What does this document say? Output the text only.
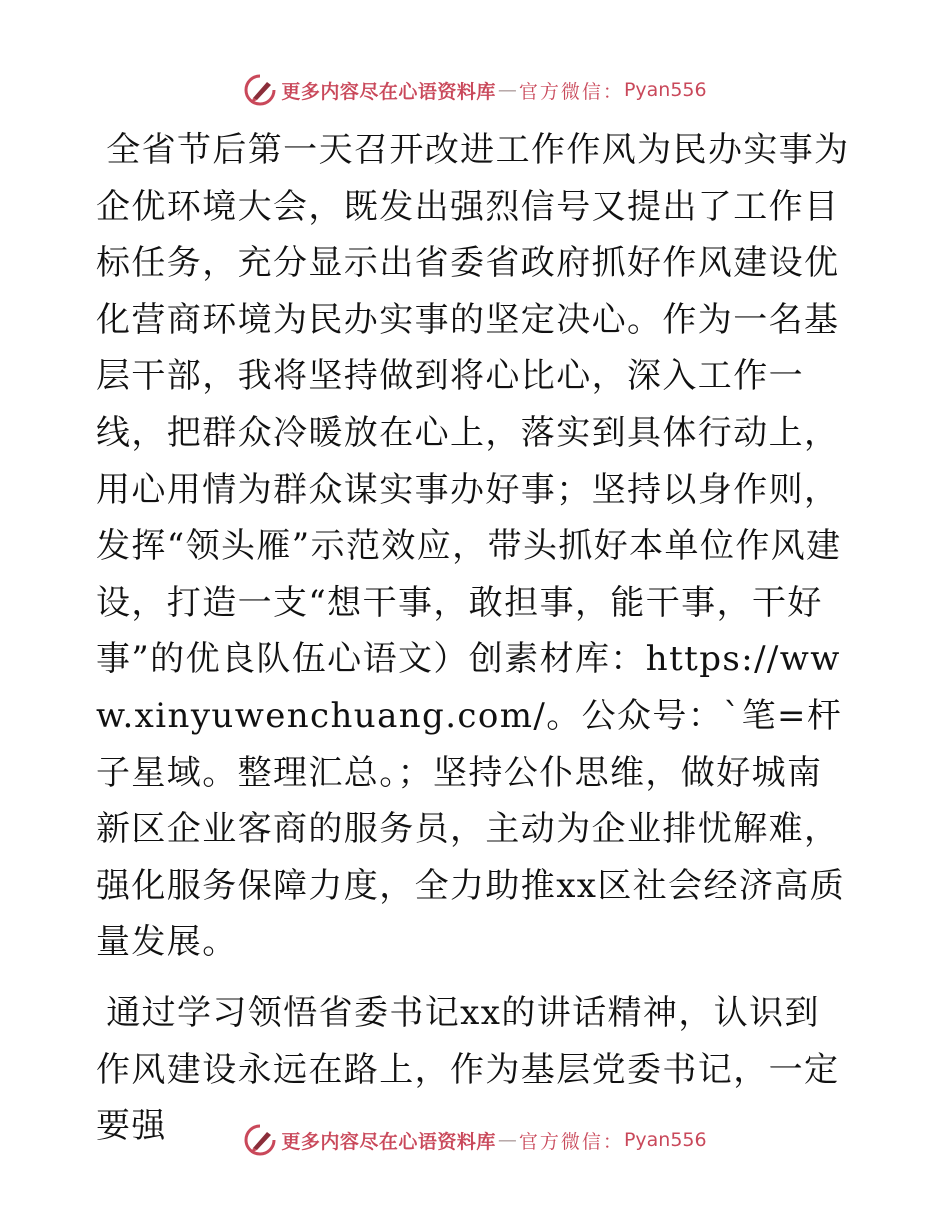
更多内容尽在心语资料库 — 官方微信： Pyan556

全省节后第一天召开改进工作作风为民办实事为企优环境大会，既发出强烈信号又提出了工作目标任务，充分显示出省委省政府抓好作风建设优化营商环境为民办实事的坚定决心。作为一名基层干部，我将坚持做到将心比心，深入工作一线，把群众冷暖放在心上，落实到具体行动上，用心用情为群众谋实事办好事；坚持以身作则，发挥“领头雁”示范效应，带头抓好本单位作风建设，打造一支“想干事，敢担事，能干事，干好事”的优良队伍心语文）创素材库：https://www.xinyuwenchuang.com/。公众号：`笔=杆子星域。整理汇总。；坚持公仆思维，做好城南新区企业客商的服务员，主动为企业排忧解难，强化服务保障力度，全力助推xx区社会经济高质量发展。

通过学习领悟省委书记xx的讲话精神，认识到作风建设永远在路上，作为基层党委书记，一定要强	更多内容尽在心语资料库 — 官方微信： Pyan556
